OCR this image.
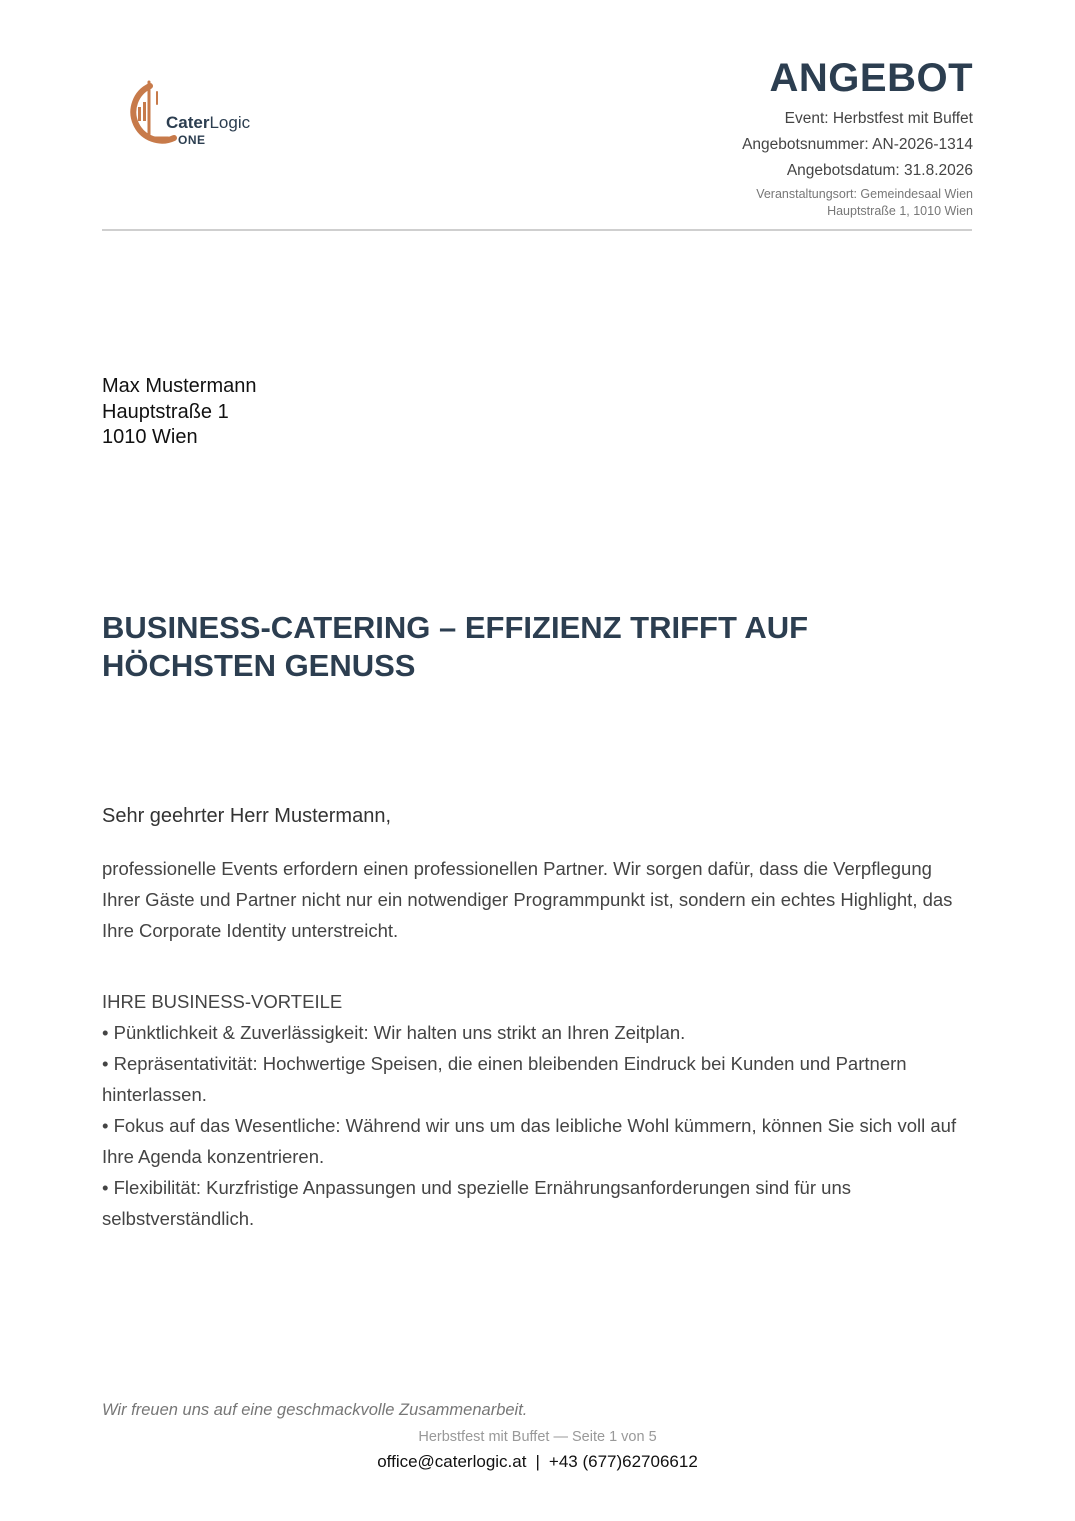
CaterLogic
ONE
ANGEBOT
Event: Herbstfest mit Buffet
Angebotsnummer: AN-2026-1314
Angebotsdatum: 31.8.2026
Veranstaltungsort: Gemeindesaal Wien
Hauptstraße 1, 1010 Wien
Max Mustermann
Hauptstraße 1
1010 Wien
BUSINESS-CATERING – EFFIZIENZ TRIFFT AUF HÖCHSTEN GENUSS
Sehr geehrter Herr Mustermann,
professionelle Events erfordern einen professionellen Partner. Wir sorgen dafür, dass die Verpflegung Ihrer Gäste und Partner nicht nur ein notwendiger Programmpunkt ist, sondern ein echtes Highlight, das Ihre Corporate Identity unterstreicht.
IHRE BUSINESS-VORTEILE
• Pünktlichkeit & Zuverlässigkeit: Wir halten uns strikt an Ihren Zeitplan.
• Repräsentativität: Hochwertige Speisen, die einen bleibenden Eindruck bei Kunden und Partnern hinterlassen.
• Fokus auf das Wesentliche: Während wir uns um das leibliche Wohl kümmern, können Sie sich voll auf Ihre Agenda konzentrieren.
• Flexibilität: Kurzfristige Anpassungen und spezielle Ernährungsanforderungen sind für uns selbstverständlich.
Wir freuen uns auf eine geschmackvolle Zusammenarbeit.
Herbstfest mit Buffet — Seite 1 von 5
office@caterlogic.at | +43 (677)62706612
